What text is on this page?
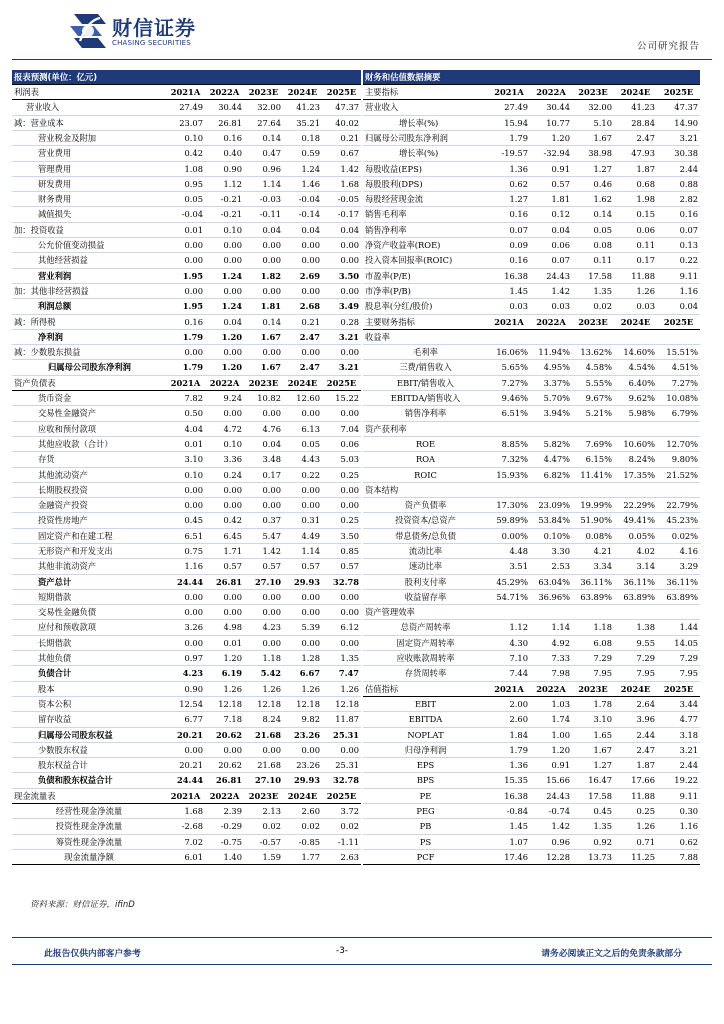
财信证券
CHASING SECURITIES	公司研究报告
报表预测(单位：亿元)					
利润表	2021A	2022A	2023E	2024E	2025E
营业收入	27.49	30.44	32.00	41.23	47.37
减：营业成本	23.07	26.81	27.64	35.21	40.02
营业税金及附加	0.10	0.16	0.14	0.18	0.21
营业费用	0.42	0.40	0.47	0.59	0.67
管理费用	1.08	0.90	0.96	1.24	1.42
研发费用	0.95	1.12	1.14	1.46	1.68
财务费用	0.05	-0.21	-0.03	-0.04	-0.05
减值损失	-0.04	-0.21	-0.11	-0.14	-0.17
加：投资收益	0.01	0.10	0.04	0.04	0.04
公允价值变动损益	0.00	0.00	0.00	0.00	0.00
其他经营损益	0.00	0.00	0.00	0.00	0.00
营业利润	1.95	1.24	1.82	2.69	3.50
加：其他非经营损益	0.00	0.00	0.00	0.00	0.00
利润总额	1.95	1.24	1.81	2.68	3.49
减：所得税	0.16	0.04	0.14	0.21	0.28
净利润	1.79	1.20	1.67	2.47	3.21
减：少数股东损益	0.00	0.00	0.00	0.00	0.00
归属母公司股东净利润	1.79	1.20	1.67	2.47	3.21
资产负债表	2021A	2022A	2023E	2024E	2025E
货币资金	7.82	9.24	10.82	12.60	15.22
交易性金融资产	0.50	0.00	0.00	0.00	0.00
应收和预付款项	4.04	4.72	4.76	6.13	7.04
其他应收款（合计）	0.01	0.10	0.04	0.05	0.06
存货	3.10	3.36	3.48	4.43	5.03
其他流动资产	0.10	0.24	0.17	0.22	0.25
长期股权投资	0.00	0.00	0.00	0.00	0.00
金融资产投资	0.00	0.00	0.00	0.00	0.00
投资性房地产	0.45	0.42	0.37	0.31	0.25
固定资产和在建工程	6.51	6.45	5.47	4.49	3.50
无形资产和开发支出	0.75	1.71	1.42	1.14	0.85
其他非流动资产	1.16	0.57	0.57	0.57	0.57
资产总计	24.44	26.81	27.10	29.93	32.78
短期借款	0.00	0.00	0.00	0.00	0.00
交易性金融负债	0.00	0.00	0.00	0.00	0.00
应付和预收款项	3.26	4.98	4.23	5.39	6.12
长期借款	0.00	0.01	0.00	0.00	0.00
其他负债	0.97	1.20	1.18	1.28	1.35
负债合计	4.23	6.19	5.42	6.67	7.47
股本	0.90	1.26	1.26	1.26	1.26
资本公积	12.54	12.18	12.18	12.18	12.18
留存收益	6.77	7.18	8.24	9.82	11.87
归属母公司股东权益	20.21	20.62	21.68	23.26	25.31
少数股东权益	0.00	0.00	0.00	0.00	0.00
股东权益合计	20.21	20.62	21.68	23.26	25.31
负债和股东权益合计	24.44	26.81	27.10	29.93	32.78
现金流量表	2021A	2022A	2023E	2024E	2025E
经营性现金净流量	1.68	2.39	2.13	2.60	3.72
投资性现金净流量	-2.68	-0.29	0.02	0.02	0.02
筹资性现金净流量	7.02	-0.75	-0.57	-0.85	-1.11
现金流量净额	6.01	1.40	1.59	1.77	2.63
财务和估值数据摘要					
主要指标	2021A	2022A	2023E	2024E	2025E
营业收入	27.49	30.44	32.00	41.23	47.37
增长率(%)	15.94	10.77	5.10	28.84	14.90
归属母公司股东净利润	1.79	1.20	1.67	2.47	3.21
增长率(%)	-19.57	-32.94	38.98	47.93	30.38
每股收益(EPS)	1.36	0.91	1.27	1.87	2.44
每股股利(DPS)	0.62	0.57	0.46	0.68	0.88
每股经营现金流	1.27	1.81	1.62	1.98	2.82
销售毛利率	0.16	0.12	0.14	0.15	0.16
销售净利率	0.07	0.04	0.05	0.06	0.07
净资产收益率(ROE)	0.09	0.06	0.08	0.11	0.13
投入资本回报率(ROIC)	0.16	0.07	0.11	0.17	0.22
市盈率(P/E)	16.38	24.43	17.58	11.88	9.11
市净率(P/B)	1.45	1.42	1.35	1.26	1.16
股息率(分红/股价)	0.03	0.03	0.02	0.03	0.04
主要财务指标	2021A	2022A	2023E	2024E	2025E
收益率					
毛利率	16.06%	11.94%	13.62%	14.60%	15.51%
三费/销售收入	5.65%	4.95%	4.58%	4.54%	4.51%
EBIT/销售收入	7.27%	3.37%	5.55%	6.40%	7.27%
EBITDA/销售收入	9.46%	5.70%	9.67%	9.62%	10.08%
销售净利率	6.51%	3.94%	5.21%	5.98%	6.79%
资产获利率					
ROE	8.85%	5.82%	7.69%	10.60%	12.70%
ROA	7.32%	4.47%	6.15%	8.24%	9.80%
ROIC	15.93%	6.82%	11.41%	17.35%	21.52%
资本结构					
资产负债率	17.30%	23.09%	19.99%	22.29%	22.79%
投资资本/总资产	59.89%	53.84%	51.90%	49.41%	45.23%
带息债务/总负债	0.00%	0.10%	0.08%	0.05%	0.02%
流动比率	4.48	3.30	4.21	4.02	4.16
速动比率	3.51	2.53	3.34	3.14	3.29
股利支付率	45.29%	63.04%	36.11%	36.11%	36.11%
收益留存率	54.71%	36.96%	63.89%	63.89%	63.89%
资产管理效率					
总资产周转率	1.12	1.14	1.18	1.38	1.44
固定资产周转率	4.30	4.92	6.08	9.55	14.05
应收账款周转率	7.10	7.33	7.29	7.29	7.29
存货周转率	7.44	7.98	7.95	7.95	7.95
估值指标	2021A	2022A	2023E	2024E	2025E
EBIT	2.00	1.03	1.78	2.64	3.44
EBITDA	2.60	1.74	3.10	3.96	4.77
NOPLAT	1.84	1.00	1.65	2.44	3.18
归母净利润	1.79	1.20	1.67	2.47	3.21
EPS	1.36	0.91	1.27	1.87	2.44
BPS	15.35	15.66	16.47	17.66	19.22
PE	16.38	24.43	17.58	11.88	9.11
PEG	-0.84	-0.74	0.45	0.25	0.30
PB	1.45	1.42	1.35	1.26	1.16
PS	1.07	0.96	0.92	0.71	0.62
PCF	17.46	12.28	13.73	11.25	7.88
资料来源：财信证券，ifinD
此报告仅供内部客户参考	-3-	请务必阅读正文之后的免责条款部分
